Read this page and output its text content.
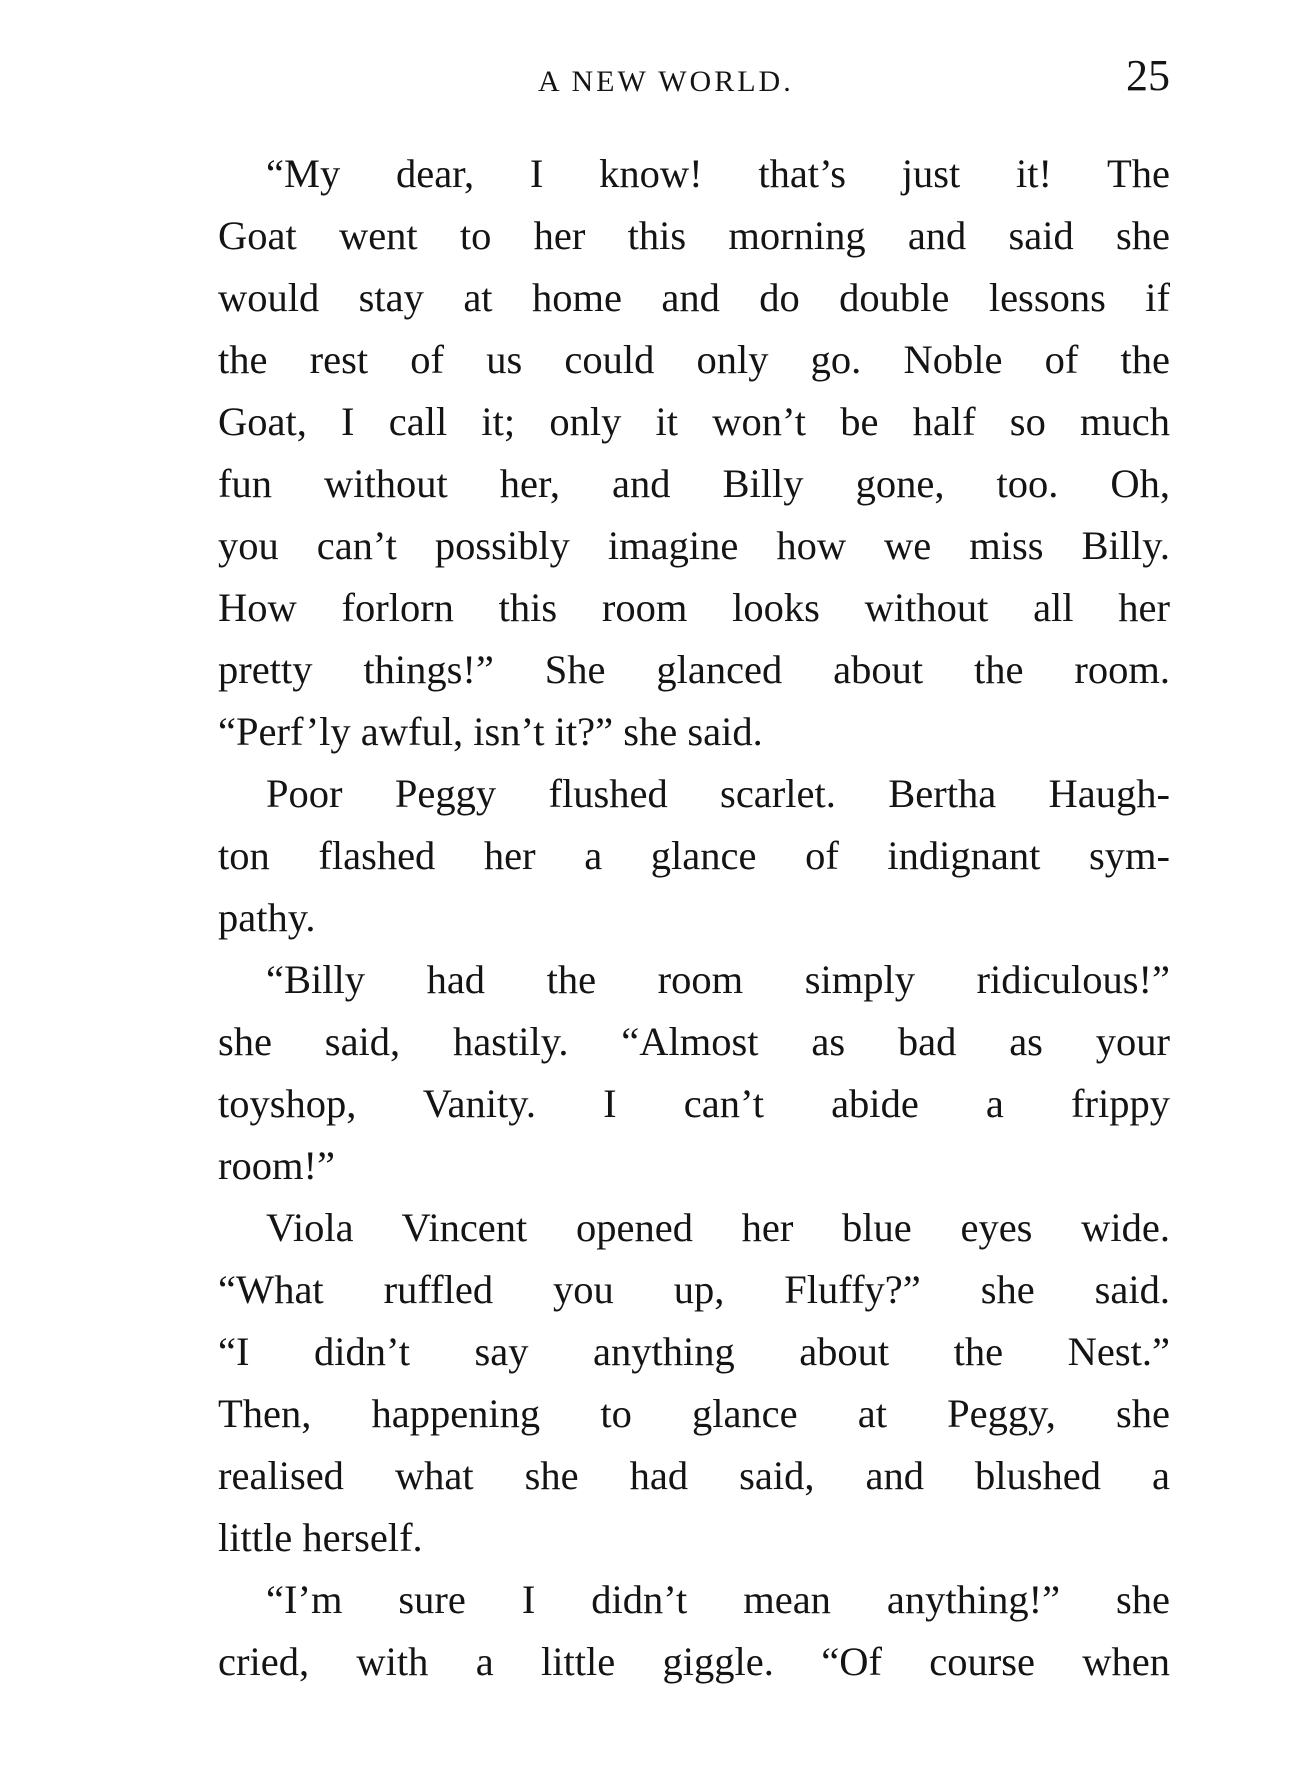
A NEW WORLD.	25
“My dear, I know! that’s just it! The
Goat went to her this morning and said she
would stay at home and do double lessons if
the rest of us could only go. Noble of the
Goat, I call it; only it won’t be half so much
fun without her, and Billy gone, too. Oh,
you can’t possibly imagine how we miss Billy.
How forlorn this room looks without all her
pretty things!” She glanced about the room.
“Perf’ly awful, isn’t it?” she said.
Poor Peggy flushed scarlet. Bertha Haugh-
ton flashed her a glance of indignant sym-
pathy.
“Billy had the room simply ridiculous!”
she said, hastily. “Almost as bad as your
toyshop, Vanity. I can’t abide a frippy
room!”
Viola Vincent opened her blue eyes wide.
“What ruffled you up, Fluffy?” she said.
“I didn’t say anything about the Nest.”
Then, happening to glance at Peggy, she
realised what she had said, and blushed a
little herself.
“I’m sure I didn’t mean anything!” she
cried, with a little giggle. “Of course when
